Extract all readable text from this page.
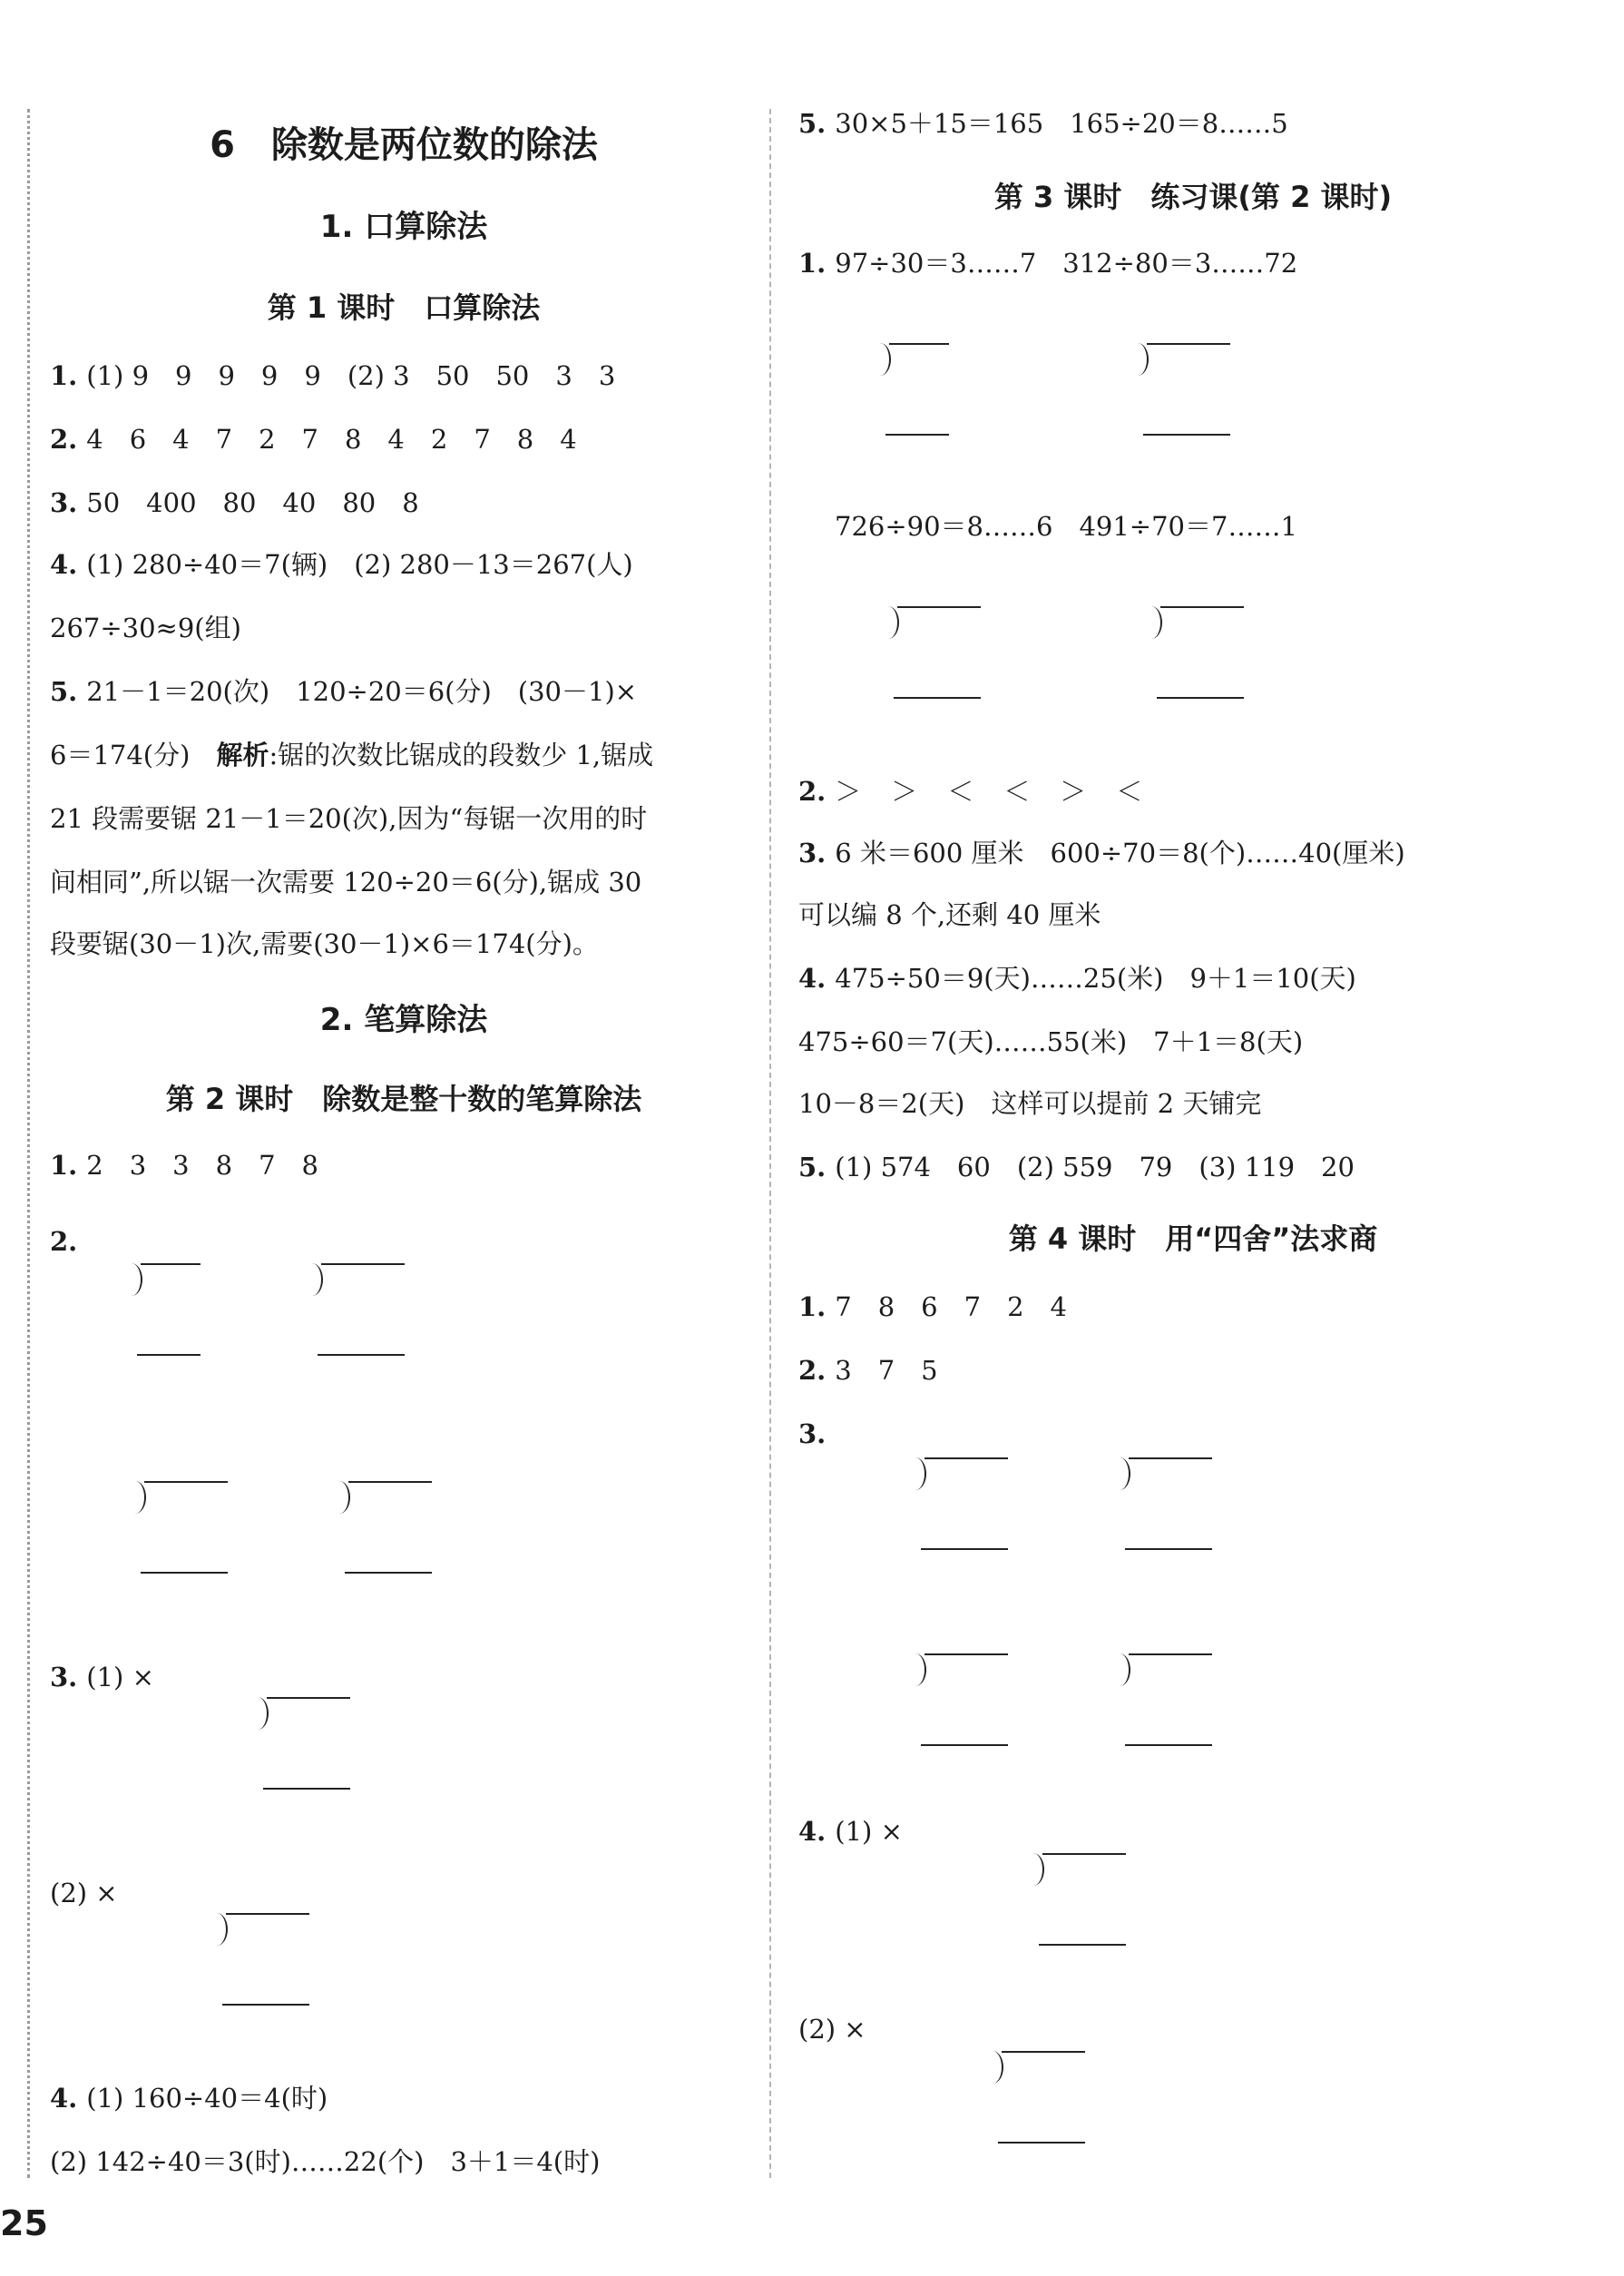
6　除数是两位数的除法
1. 口算除法
第 1 课时　口算除法
1. (1) 9　9　9　9　9　(2) 3　50　50　3　3
2. 4　6　4　7　2　7　8　4　2　7　8　4
3. 50　400　80　40　80　8
4. (1) 280÷40＝7(辆)　(2) 280－13＝267(人)
267÷30≈9(组)
5. 21－1＝20(次)　120÷20＝6(分)　(30－1)×
6＝174(分)　解析:锯的次数比锯成的段数少 1,锯成
21 段需要锯 21－1＝20(次),因为“每锯一次用的时
间相同”,所以锯一次需要 120÷20＝6(分),锯成 30
段要锯(30－1)次,需要(30－1)×6＝174(分)。
2. 笔算除法
第 2 课时　除数是整十数的笔算除法
1. 2　3　3　8　7　8
2.
3. (1) ×
(2) ×
4. (1) 160÷40＝4(时)
(2) 142÷40＝3(时)……22(个)　3＋1＝4(时)
5. 30×5＋15＝165　165÷20＝8……5
第 3 课时　练习课(第 2 课时)
1. 97÷30＝3……7　312÷80＝3……72
726÷90＝8……6　491÷70＝7……1
2. ＞　＞　＜　＜　＞　＜
3. 6 米＝600 厘米　600÷70＝8(个)……40(厘米)
可以编 8 个,还剩 40 厘米
4. 475÷50＝9(天)……25(米)　9＋1＝10(天)
475÷60＝7(天)……55(米)　7＋1＝8(天)
10－8＝2(天)　这样可以提前 2 天铺完
5. (1) 574　60　(2) 559　79　(3) 119　20
第 4 课时　用“四舍”法求商
1. 7　8　6　7　2　4
2. 3　7　5
3.
4. (1) ×
(2) ×
25
